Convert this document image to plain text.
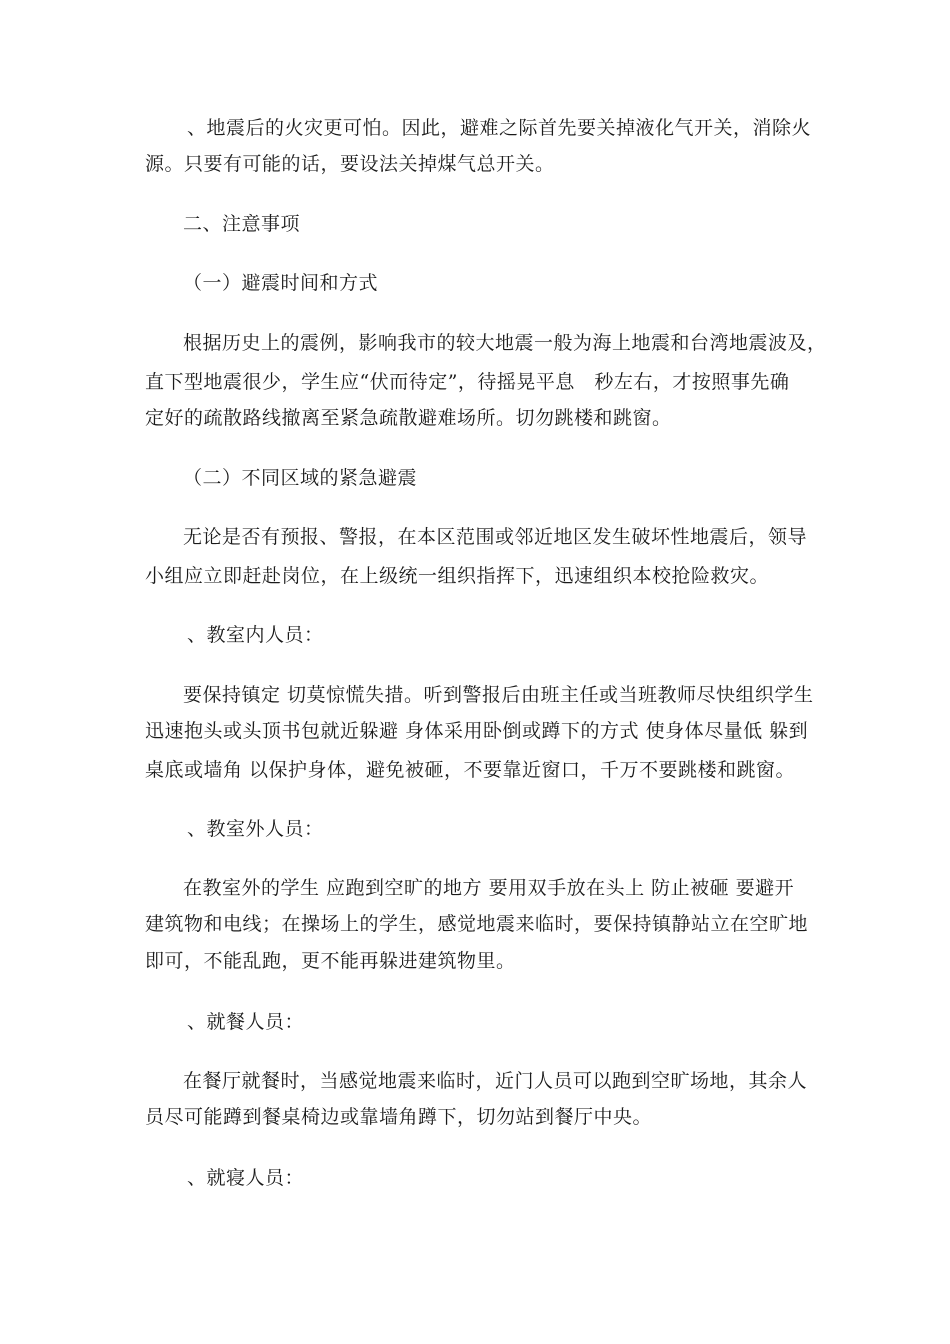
、地震后的火灾更可怕。因此，避难之际首先要关掉液化气开关，消除火

源。只要有可能的话，要设法关掉煤气总开关。

二、注意事项

（一）避震时间和方式

根据历史上的震例，影响我市的较大地震一般为海上地震和台湾地震波及，

直下型地震很少，学生应“伏而待定”，待摇晃平息　秒左右，才按照事先确

定好的疏散路线撤离至紧急疏散避难场所。切勿跳楼和跳窗。

（二）不同区域的紧急避震

无论是否有预报、警报，在本区范围或邻近地区发生破坏性地震后，领导

小组应立即赶赴岗位，在上级统一组织指挥下，迅速组织本校抢险救灾。

、教室内人员：

要保持镇定 切莫惊慌失措。听到警报后由班主任或当班教师尽快组织学生

迅速抱头或头顶书包就近躲避 身体采用卧倒或蹲下的方式 使身体尽量低 躲到

桌底或墙角 以保护身体，避免被砸，不要靠近窗口，千万不要跳楼和跳窗。

、教室外人员：

在教室外的学生 应跑到空旷的地方 要用双手放在头上 防止被砸 要避开

建筑物和电线；在操场上的学生，感觉地震来临时，要保持镇静站立在空旷地

即可，不能乱跑，更不能再躲进建筑物里。

、就餐人员：

在餐厅就餐时，当感觉地震来临时，近门人员可以跑到空旷场地，其余人

员尽可能蹲到餐桌椅边或靠墙角蹲下，切勿站到餐厅中央。

、就寝人员：
